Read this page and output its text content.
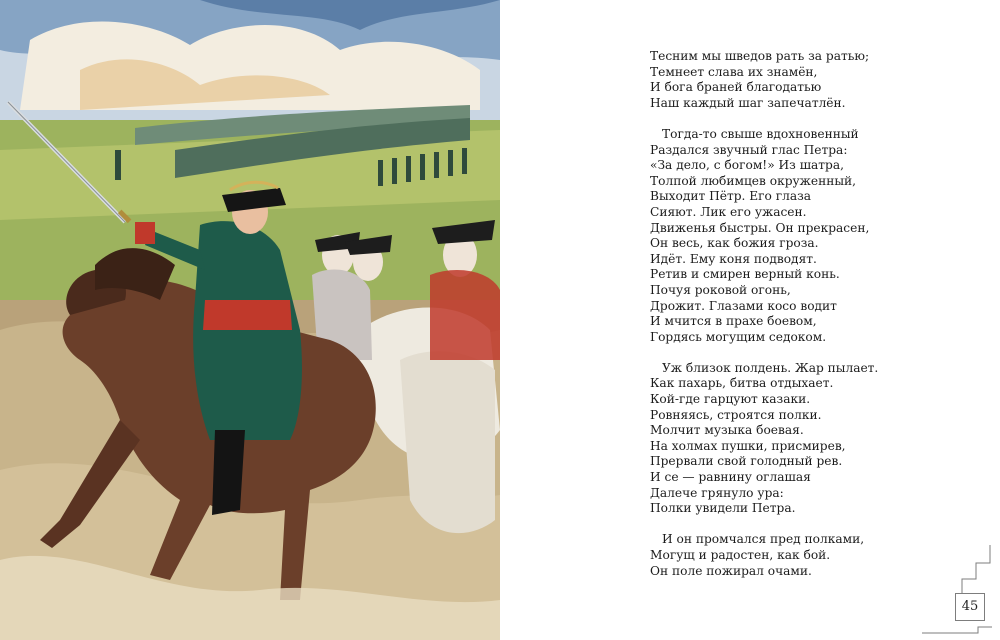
Тесним мы шведов рать за ратью;
Темнеет слава их знамён,
И бога браней благодатью
Наш каждый шаг запечатлён.
Тогда-то свыше вдохновенный
Раздался звучный глас Петра:
«За дело, с богом!» Из шатра,
Толпой любимцев окруженный,
Выходит Пётр. Его глаза
Сияют. Лик его ужасен.
Движенья быстры. Он прекрасен,
Он весь, как божия гроза.
Идёт. Ему коня подводят.
Ретив и смирен верный конь.
Почуя роковой огонь,
Дрожит. Глазами косо водит
И мчится в прахе боевом,
Гордясь могущим седоком.
Уж близок полдень. Жар пылает.
Как пахарь, битва отдыхает.
Кой-где гарцуют казаки.
Ровняясь, строятся полки.
Молчит музыка боевая.
На холмах пушки, присмирев,
Прервали свой голодный рев.
И се — равнину оглашая
Далече грянуло ура:
Полки увидели Петра.
И он промчался пред полками,
Могущ и радостен, как бой.
Он поле пожирал очами.
45
